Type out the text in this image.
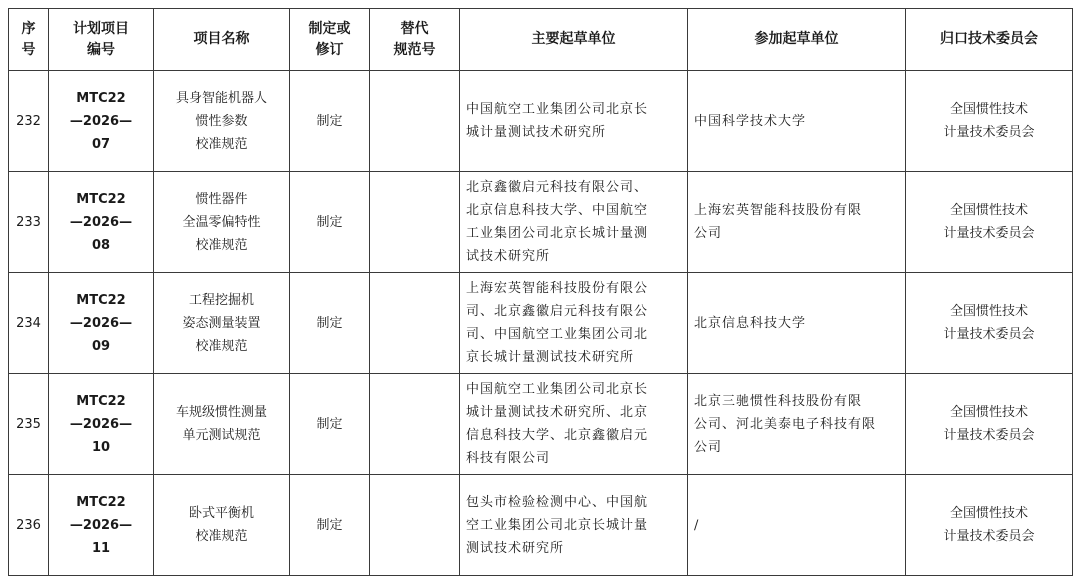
序
号	计划项目
编号	项目名称	制定或
修订	替代
规范号	主要起草单位	参加起草单位	归口技术委员会

232	MTC22
—2026—
07	具身智能机器人
惯性参数
校准规范	制定		中国航空工业集团公司北京长
城计量测试技术研究所	中国科学技术大学	全国惯性技术
计量技术委员会

233	MTC22
—2026—
08	惯性器件
全温零偏特性
校准规范	制定		北京鑫徽启元科技有限公司、
北京信息科技大学、中国航空
工业集团公司北京长城计量测
试技术研究所	上海宏英智能科技股份有限
公司	全国惯性技术
计量技术委员会

234	MTC22
—2026—
09	工程挖掘机
姿态测量装置
校准规范	制定		上海宏英智能科技股份有限公
司、北京鑫徽启元科技有限公
司、中国航空工业集团公司北
京长城计量测试技术研究所	北京信息科技大学	全国惯性技术
计量技术委员会

235	MTC22
—2026—
10	车规级惯性测量
单元测试规范	制定		中国航空工业集团公司北京长
城计量测试技术研究所、北京
信息科技大学、北京鑫徽启元
科技有限公司	北京三驰惯性科技股份有限
公司、河北美泰电子科技有限
公司	全国惯性技术
计量技术委员会

236	MTC22
—2026—
11	卧式平衡机
校准规范	制定		包头市检验检测中心、中国航
空工业集团公司北京长城计量
测试技术研究所	/	全国惯性技术
计量技术委员会
